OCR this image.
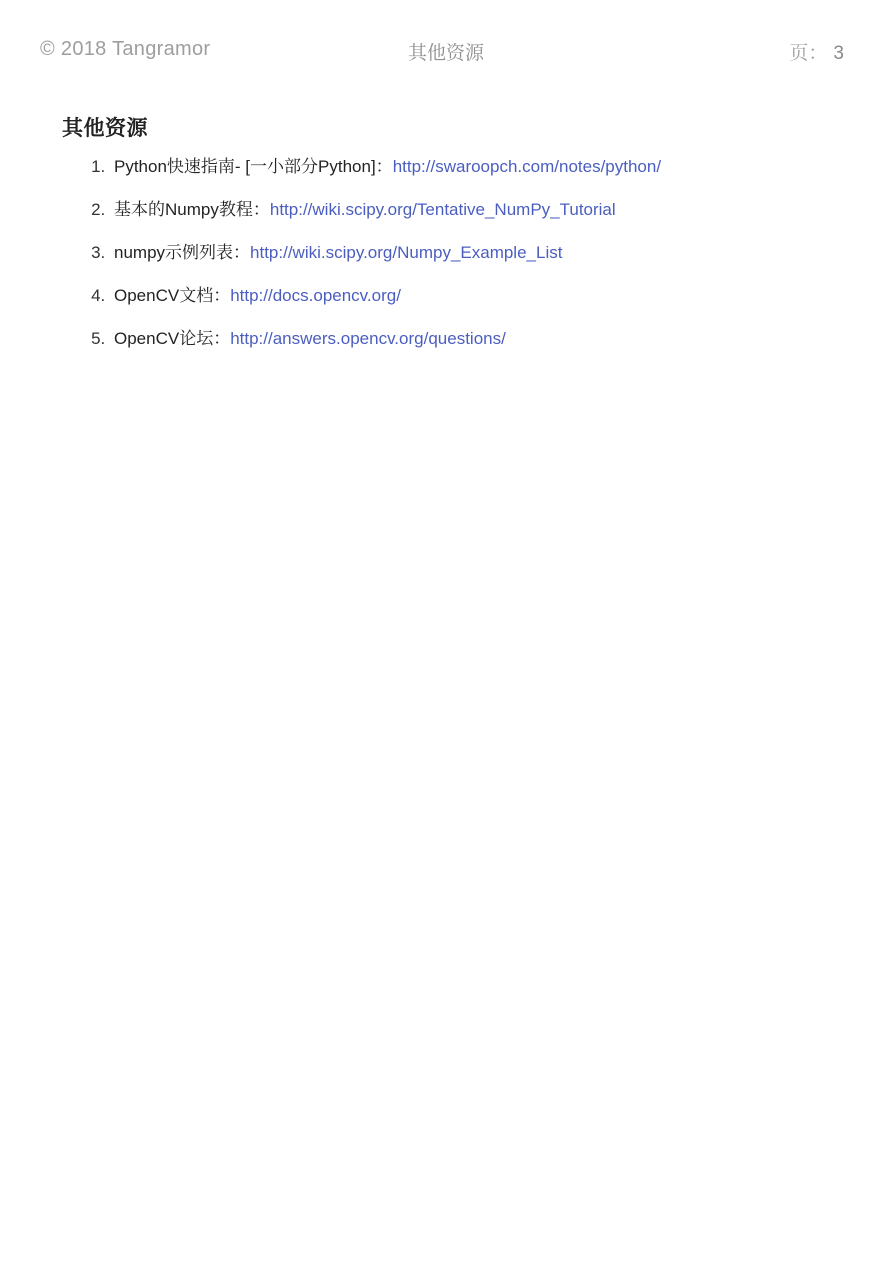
© 2018 Tangramor	其他资源	页： 3
其他资源
1. Python快速指南- [一小部分Python]：http://swaroopch.com/notes/python/
2. 基本的Numpy教程：http://wiki.scipy.org/Tentative_NumPy_Tutorial
3. numpy示例列表：http://wiki.scipy.org/Numpy_Example_List
4. OpenCV文档：http://docs.opencv.org/
5. OpenCV论坛：http://answers.opencv.org/questions/
